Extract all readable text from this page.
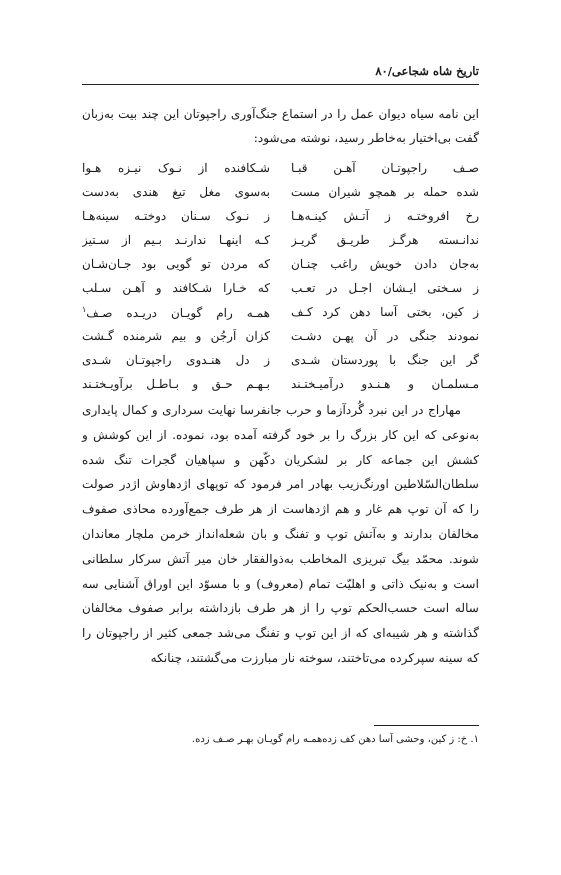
تاریخ شاه شجاعی/۸۰
این نامه سیاه دیوان عمل را در استماع جنگ‌آوری راجپوتان این چند بیت به‌زبان گفت بی‌اختیار به‌خاطر رسید، نوشته می‌شود:
صـف راجپوتـان آهـن قبـا
شـکافنده از نـوک نیـزه هـوا
شده حمله بر همچو شیران مست
به‌سوی مغل تیغ هندی به‌دست
رخ افروختـه ز آتـش کینـه‌هـا
ز نـوک سـنان دوختـه سینه‌هـا
ندانـسته هرگـز طریـق گریـز
کـه اینهـا ندارنـد بـیم از سـتیز
به‌جان دادن خویش راغب چنـان
که مردن تو گویی بود جـان‌شـان
ز سـختی ایـشان اجـل در تعـب
که خـارا شـکافند و آهـن سـلب
ز کین، بختی آسا دهن کرد کـف
همـه رام گویـان دریـده صـف$^۱$
نمودند جنگی در آن پهـن دشـت
کزان اَرجُن و بیم شرمنده گـشت
گر این جنگ با پوردستان شـدی
ز دل هنـدوی راجپوتـان شـدی
مـسلمـان و هـنـدو درآمیـختـند
بـهـم حـق و بـاطـل برآویـختـند
مهاراج در این نبرد گُردآزما و حرب جانفرسا نهایت سرداری و کمال پایداری به‌نوعی که این کار بزرگ را بر خود گرفته آمده بود، نموده. از این کوشش و کشش این جماعه کار بر لشکریان دکّهن و سپاهیان گجرات تنگ شده سلطان‌السّلاطین اورنگ‌زیب بهادر امر فرمود که توپهای اژدهاوش اژدر صولت را که آن توپ هم غار و هم اژدهاست از هر طرف جمع‌آورده محاذی صفوف مخالفان بدارند و به‌آتش توپ و تفنگ و بان شعله‌انداز خرمن ملچار معاندان شوند. محمّد بیگ تبریزی المخاطب به‌ذوالفقار خان میر آتش سرکار سلطانی است و به‌نیک ذاتی و اهلیّت تمام (معروف) و با مسوّد این اوراق آشنایی سه ساله است حسب‌الحکم توپ را از هر طرف بازداشته برابر صفوف مخالفان گذاشته و هر شیبه‌ای که از این توپ و تفنگ می‌شد جمعی کثیر از راجپوتان را که سینه سپرکرده می‌تاختند، سوخته نار مبارزت می‌گشتند، چنانکه
۱. خ: ز کین، وحشی آسا دهن کف زده‌همـه رام گویـان بهـر صـف زده.
